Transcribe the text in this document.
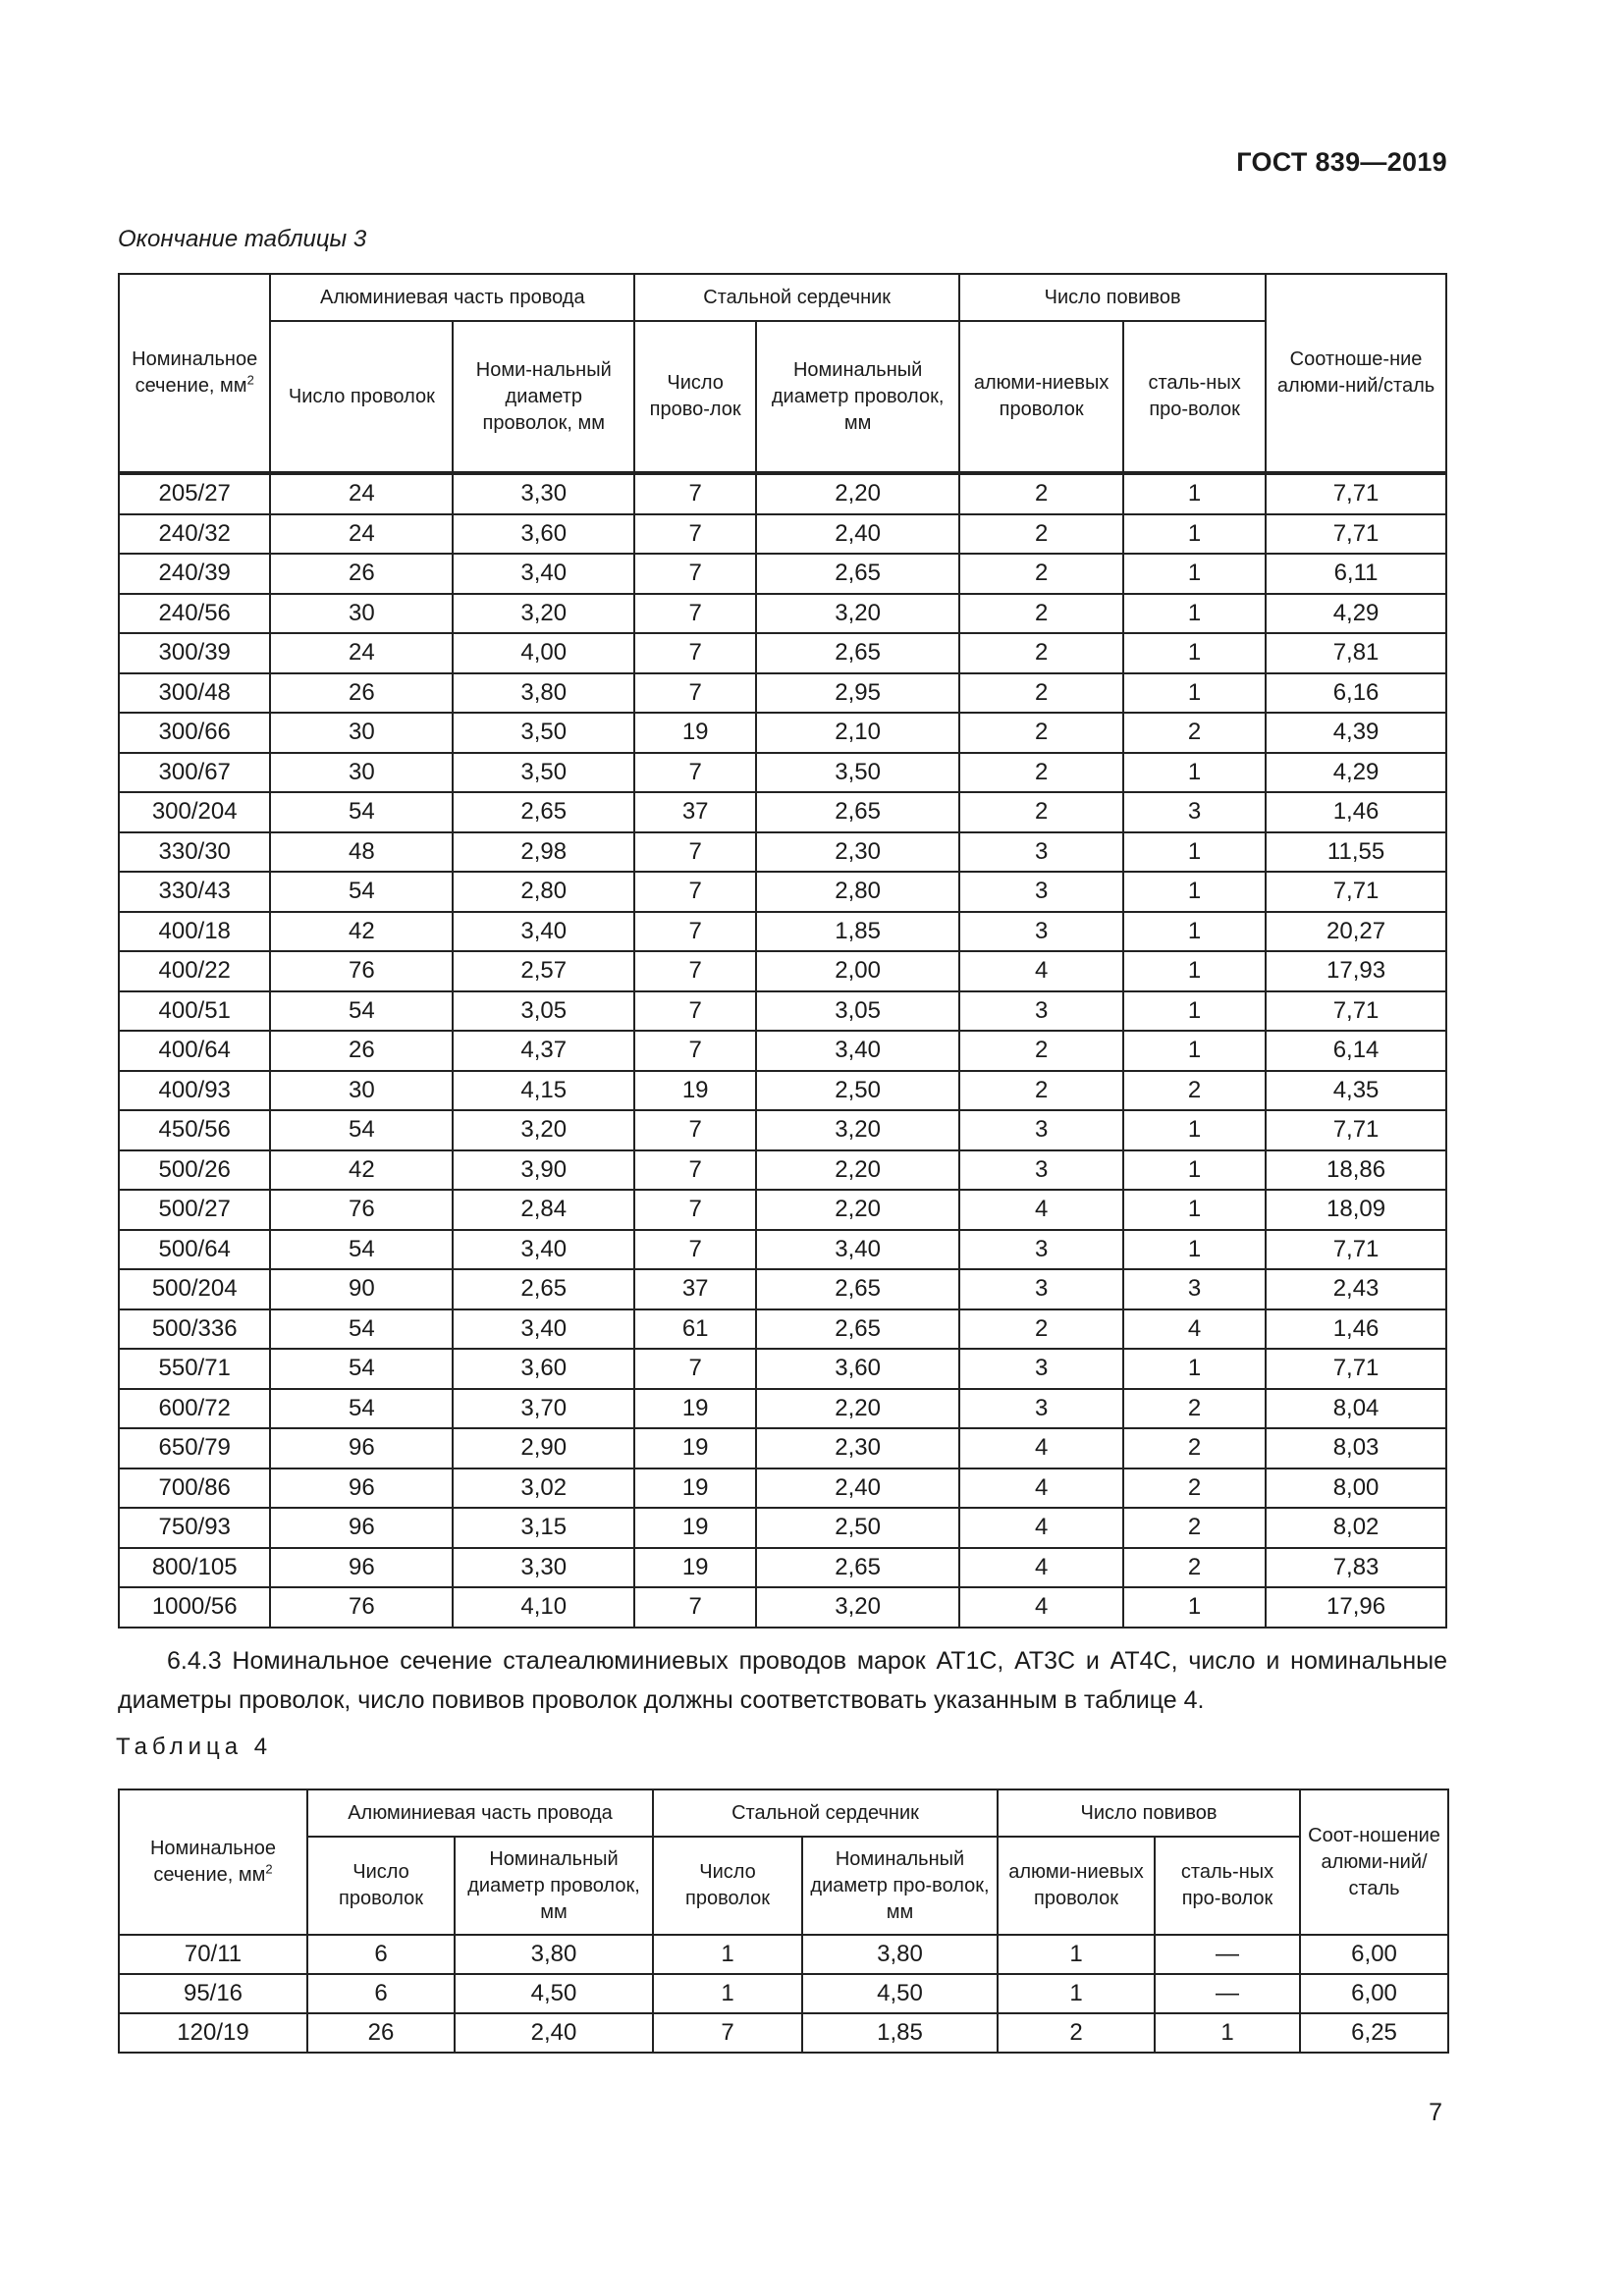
ГОСТ 839—2019
Окончание таблицы 3
Номинальное сечение, $мм^2$	Алюминиевая часть провода		Стальной сердечник		Число повивов		Соотноше-ние алюми-ний/сталь
	Число проволок	Номи-нальный диаметр проволок, мм	Число прово-лок	Номинальный диаметр проволок, мм	алюми-ниевых проволок	сталь-ных про-волок	

205/27	24	3,30	7	2,20	2	1	7,71
240/32	24	3,60	7	2,40	2	1	7,71
240/39	26	3,40	7	2,65	2	1	6,11
240/56	30	3,20	7	3,20	2	1	4,29
300/39	24	4,00	7	2,65	2	1	7,81
300/48	26	3,80	7	2,95	2	1	6,16
300/66	30	3,50	19	2,10	2	2	4,39
300/67	30	3,50	7	3,50	2	1	4,29
300/204	54	2,65	37	2,65	2	3	1,46
330/30	48	2,98	7	2,30	3	1	11,55
330/43	54	2,80	7	2,80	3	1	7,71
400/18	42	3,40	7	1,85	3	1	20,27
400/22	76	2,57	7	2,00	4	1	17,93
400/51	54	3,05	7	3,05	3	1	7,71
400/64	26	4,37	7	3,40	2	1	6,14
400/93	30	4,15	19	2,50	2	2	4,35
450/56	54	3,20	7	3,20	3	1	7,71
500/26	42	3,90	7	2,20	3	1	18,86
500/27	76	2,84	7	2,20	4	1	18,09
500/64	54	3,40	7	3,40	3	1	7,71
500/204	90	2,65	37	2,65	3	3	2,43
500/336	54	3,40	61	2,65	2	4	1,46
550/71	54	3,60	7	3,60	3	1	7,71
600/72	54	3,70	19	2,20	3	2	8,04
650/79	96	2,90	19	2,30	4	2	8,03
700/86	96	3,02	19	2,40	4	2	8,00
750/93	96	3,15	19	2,50	4	2	8,02
800/105	96	3,30	19	2,65	4	2	7,83
1000/56	76	4,10	7	3,20	4	1	17,96
6.4.3 Номинальное сечение сталеалюминиевых проводов марок АТ1С, АТ3С и АТ4С, число и номинальные диаметры проволок, число повивов проволок должны соответствовать указанным в таблице 4.
Таблица 4
Номинальное сечение, $мм^2$	Алюминиевая часть провода		Стальной сердечник		Число повивов		Соот-ношение алюми-ний/сталь
	Число проволок	Номинальный диаметр проволок, мм	Число проволок	Номинальный диаметр про-волок, мм	алюми-ниевых проволок	сталь-ных про-волок	
70/11	6	3,80	1	3,80	1	—	6,00
95/16	6	4,50	1	4,50	1	—	6,00
120/19	26	2,40	7	1,85	2	1	6,25
7
